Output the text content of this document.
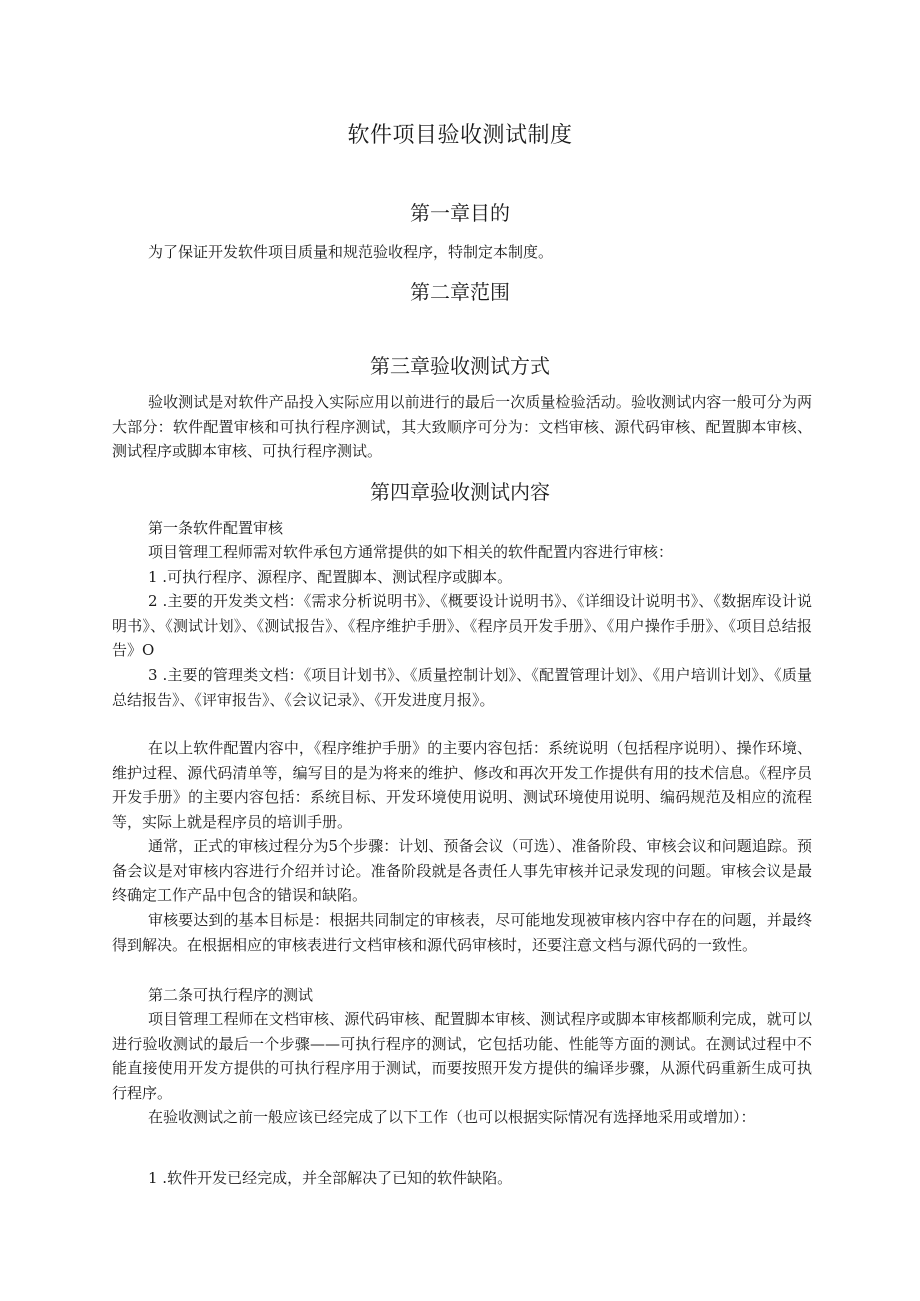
软件项目验收测试制度
第一章目的

为了保证开发软件项目质量和规范验收程序，特制定本制度。

第二章范围
第三章验收测试方式

验收测试是对软件产品投入实际应用以前进行的最后一次质量检验活动。验收测试内容一般可分为两大部分：软件配置审核和可执行程序测试，其大致顺序可分为：文档审核、源代码审核、配置脚本审核、测试程序或脚本审核、可执行程序测试。

第四章验收测试内容

第一条软件配置审核

项目管理工程师需对软件承包方通常提供的如下相关的软件配置内容进行审核：

1 .可执行程序、源程序、配置脚本、测试程序或脚本。

2 .主要的开发类文档：《需求分析说明书》、《概要设计说明书》、《详细设计说明书》、《数据库设计说明书》、《测试计划》、《测试报告》、《程序维护手册》、《程序员开发手册》、《用户操作手册》、《项目总结报告》O

3 .主要的管理类文档：《项目计划书》、《质量控制计划》、《配置管理计划》、《用户培训计划》、《质量总结报告》、《评审报告》、《会议记录》、《开发进度月报》。

在以上软件配置内容中，《程序维护手册》的主要内容包括：系统说明（包括程序说明）、操作环境、维护过程、源代码清单等，编写目的是为将来的维护、修改和再次开发工作提供有用的技术信息。《程序员开发手册》的主要内容包括：系统目标、开发环境使用说明、测试环境使用说明、编码规范及相应的流程等，实际上就是程序员的培训手册。

通常，正式的审核过程分为5个步骤：计划、预备会议（可选）、准备阶段、审核会议和问题追踪。预备会议是对审核内容进行介绍并讨论。准备阶段就是各责任人事先审核并记录发现的问题。审核会议是最终确定工作产品中包含的错误和缺陷。

审核要达到的基本目标是：根据共同制定的审核表，尽可能地发现被审核内容中存在的问题，并最终得到解决。在根据相应的审核表进行文档审核和源代码审核时，还要注意文档与源代码的一致性。

第二条可执行程序的测试

项目管理工程师在文档审核、源代码审核、配置脚本审核、测试程序或脚本审核都顺利完成，就可以进行验收测试的最后一个步骤——可执行程序的测试，它包括功能、性能等方面的测试。在测试过程中不能直接使用开发方提供的可执行程序用于测试，而要按照开发方提供的编译步骤，从源代码重新生成可执行程序。

在验收测试之前一般应该已经完成了以下工作（也可以根据实际情况有选择地采用或增加）：

1 .软件开发已经完成，并全部解决了已知的软件缺陷。
